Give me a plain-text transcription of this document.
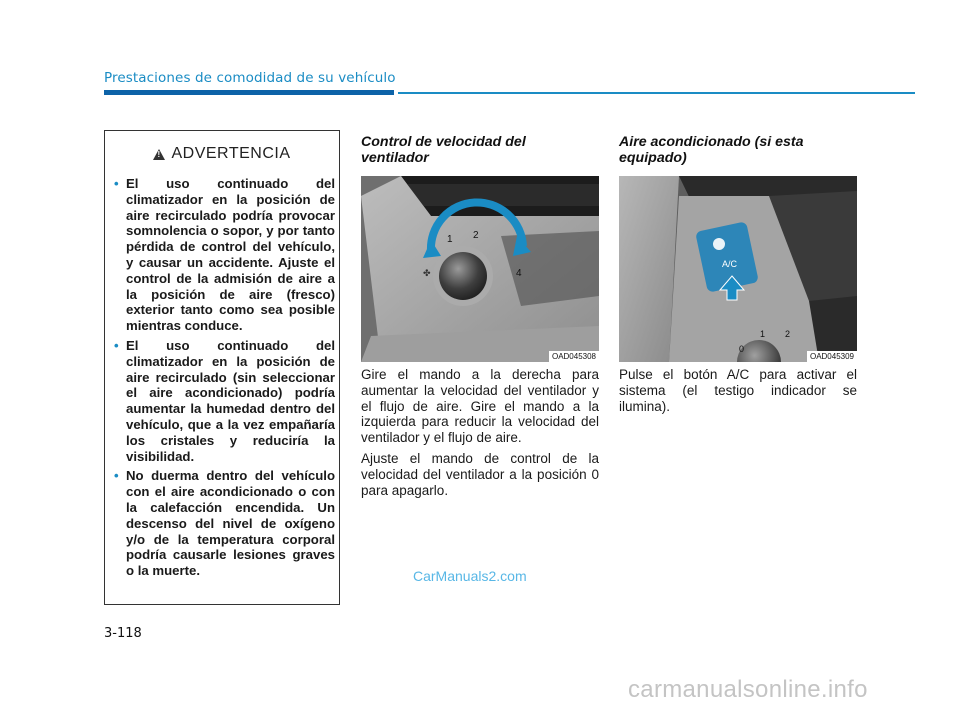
Prestaciones de comodidad de su vehículo
!
ADVERTENCIA
• El uso continuado del climatizador en la posición de aire recirculado podría provocar somnolencia o sopor, y por tanto pérdida de control del vehículo, y causar un accidente. Ajuste el control de la admisión de aire a la posición de aire (fresco) exterior tanto como sea posible mientras conduce.
• El uso continuado del climatizador en la posición de aire recirculado (sin seleccionar el aire acondicionado) podría aumentar la humedad dentro del vehículo, que a la vez empañaría los cristales y reduciría la visibilidad.
• No duerma dentro del vehículo con el aire acondicionado o con la calefacción encendida. Un descenso del nivel de oxígeno y/o de la temperatura corporal podría causarle lesiones graves o la muerte.
Control de velocidad del ventilador
1 2
4
✤
OAD045308

Gire el mando a la derecha para aumentar la velocidad del ventilador y el flujo de aire. Gire el mando a la izquierda para reducir la velocidad del ventilador y el flujo de aire.

Ajuste el mando de control de la velocidad del ventilador a la posición 0 para apagarlo.

Aire acondicionado (si esta equipado)
A/C
1 2
0
OAD045309

Pulse el botón A/C para activar el sistema (el testigo indicador se ilumina).

3-118
CarManuals2.com
carmanualsonline.info
